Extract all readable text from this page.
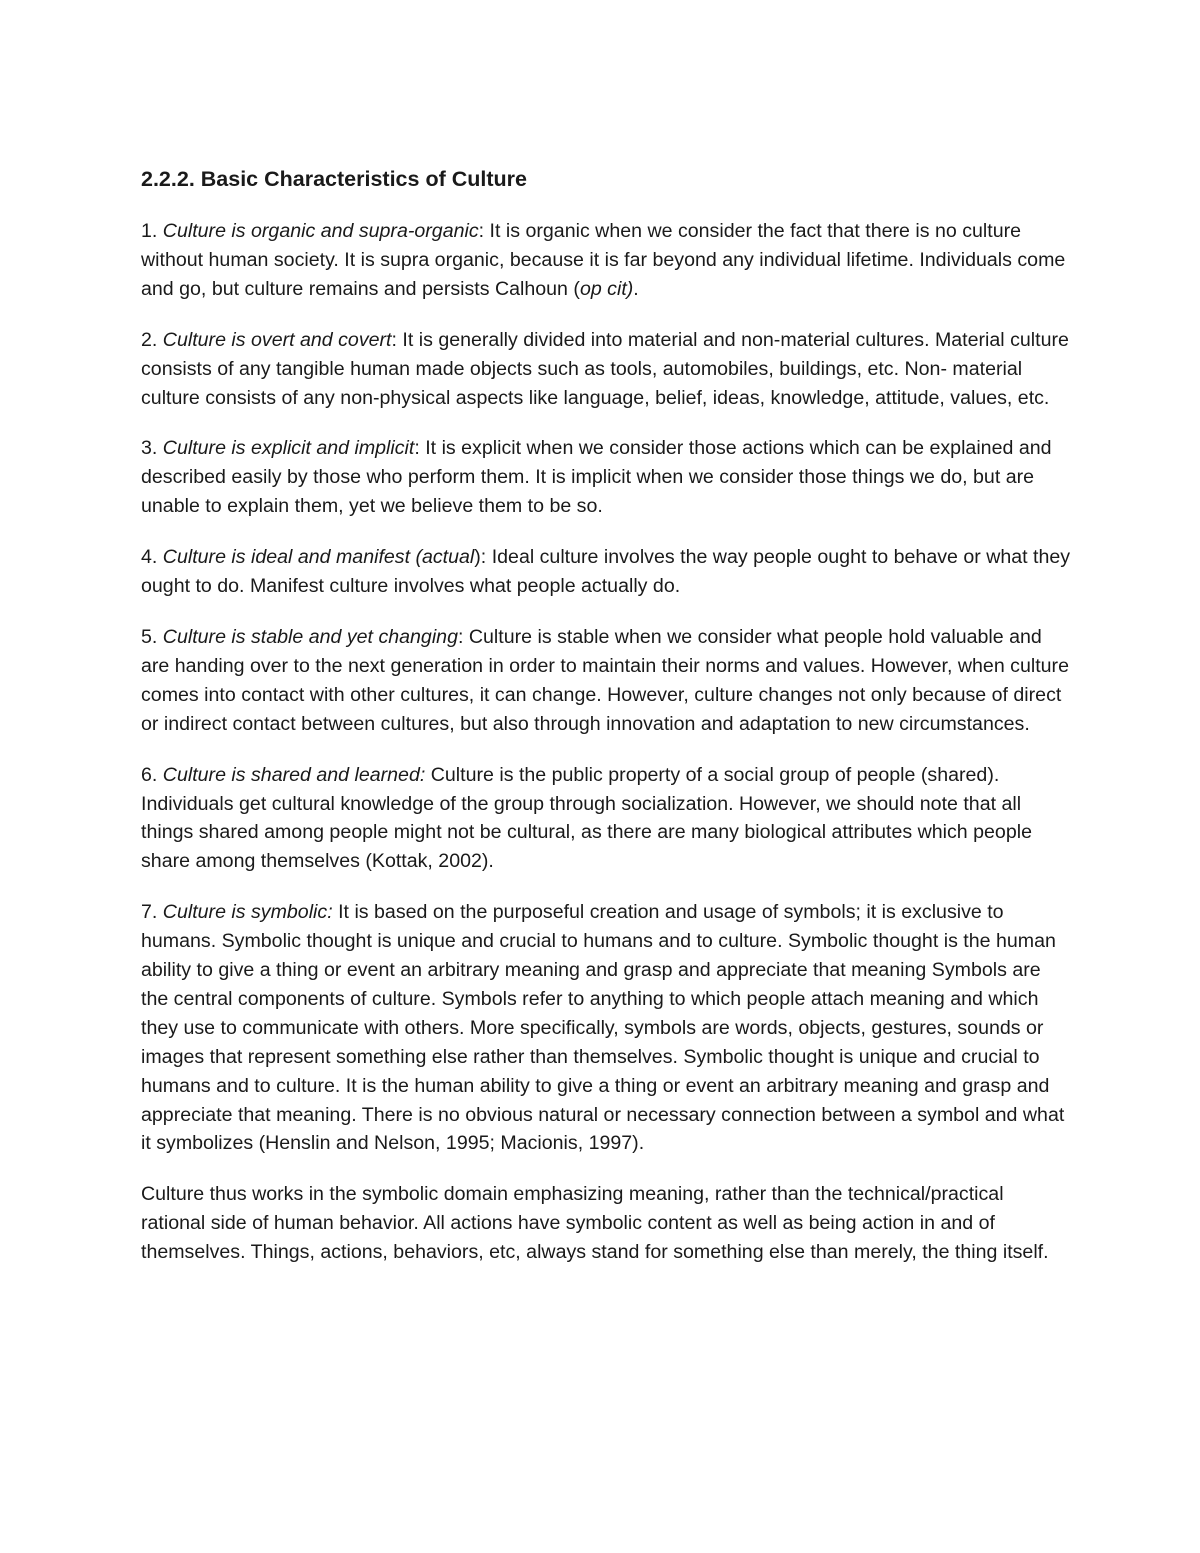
2.2.2. Basic Characteristics of Culture

1. Culture is organic and supra-organic: It is organic when we consider the fact that there is no culture without human society. It is supra organic, because it is far beyond any individual lifetime. Individuals come and go, but culture remains and persists Calhoun (op cit).

2. Culture is overt and covert: It is generally divided into material and non-material cultures. Material culture consists of any tangible human made objects such as tools, automobiles, buildings, etc. Non- material culture consists of any non-physical aspects like language, belief, ideas, knowledge, attitude, values, etc.

3. Culture is explicit and implicit: It is explicit when we consider those actions which can be explained and described easily by those who perform them. It is implicit when we consider those things we do, but are unable to explain them, yet we believe them to be so.

4. Culture is ideal and manifest (actual): Ideal culture involves the way people ought to behave or what they ought to do. Manifest culture involves what people actually do.

5. Culture is stable and yet changing: Culture is stable when we consider what people hold valuable and are handing over to the next generation in order to maintain their norms and values. However, when culture comes into contact with other cultures, it can change. However, culture changes not only because of direct or indirect contact between cultures, but also through innovation and adaptation to new circumstances.

6. Culture is shared and learned: Culture is the public property of a social group of people (shared). Individuals get cultural knowledge of the group through socialization. However, we should note that all things shared among people might not be cultural, as there are many biological attributes which people share among themselves (Kottak, 2002).

7. Culture is symbolic: It is based on the purposeful creation and usage of symbols; it is exclusive to humans. Symbolic thought is unique and crucial to humans and to culture. Symbolic thought is the human ability to give a thing or event an arbitrary meaning and grasp and appreciate that meaning Symbols are the central components of culture. Symbols refer to anything to which people attach meaning and which they use to communicate with others. More specifically, symbols are words, objects, gestures, sounds or images that represent something else rather than themselves. Symbolic thought is unique and crucial to humans and to culture. It is the human ability to give a thing or event an arbitrary meaning and grasp and appreciate that meaning. There is no obvious natural or necessary connection between a symbol and what it symbolizes (Henslin and Nelson, 1995; Macionis, 1997).

Culture thus works in the symbolic domain emphasizing meaning, rather than the technical/practical rational side of human behavior. All actions have symbolic content as well as being action in and of themselves. Things, actions, behaviors, etc, always stand for something else than merely, the thing itself.
